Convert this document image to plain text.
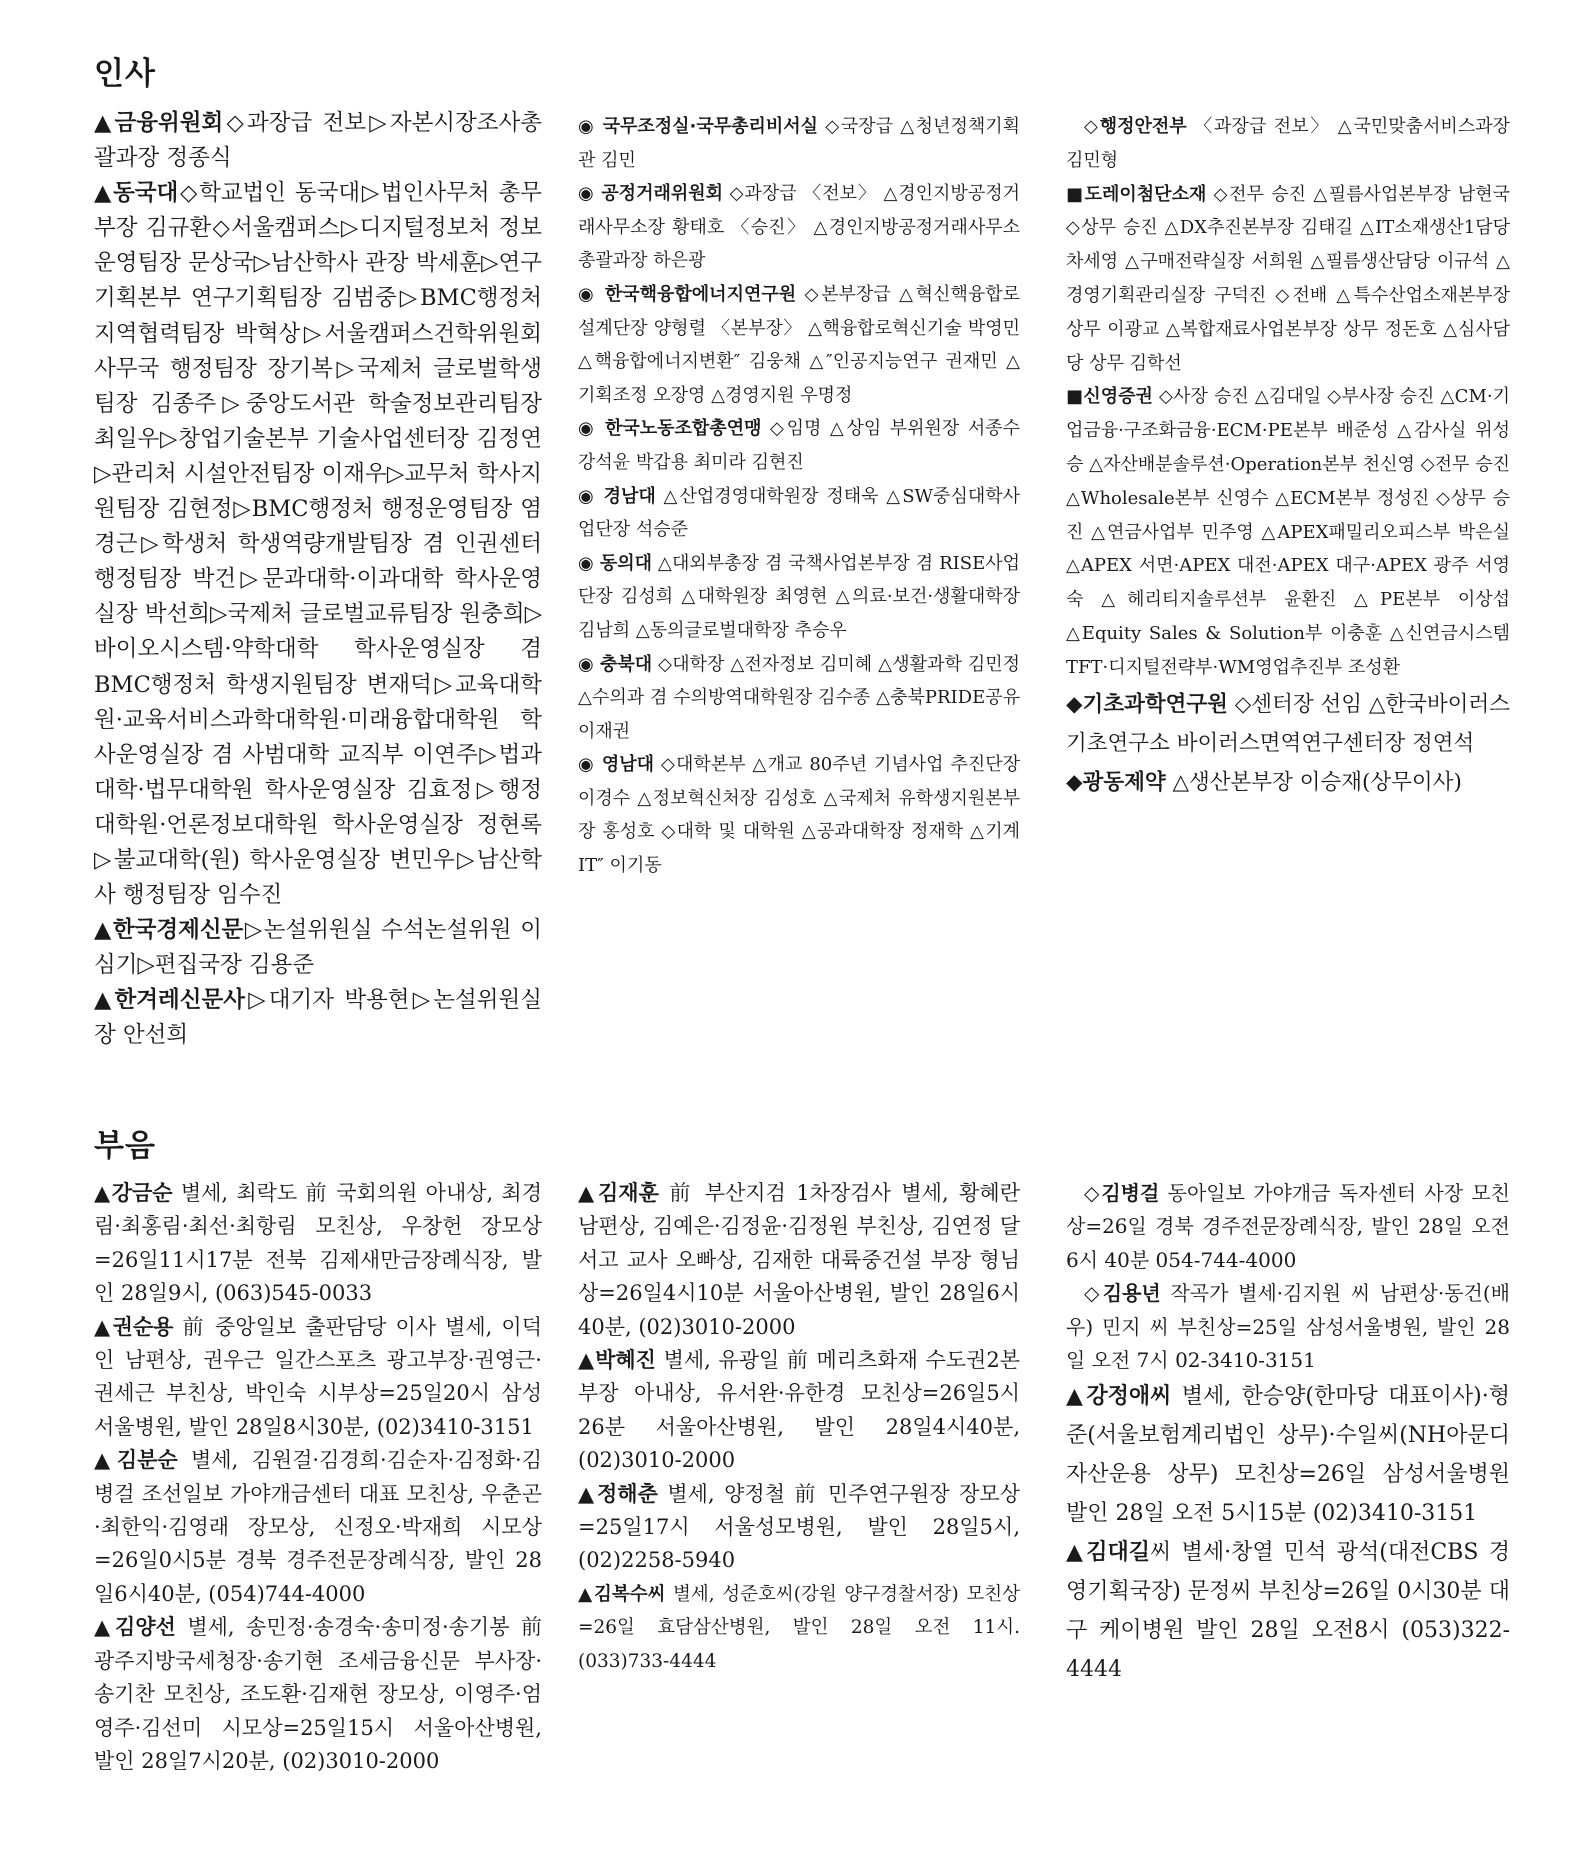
인사

▲금융위원회◇과장급 전보▷자본시장조사총괄과장 정종식

▲동국대◇학교법인 동국대▷법인사무처 총무부장 김규환◇서울캠퍼스▷디지털정보처 정보운영팀장 문상국▷남산학사 관장 박세훈▷연구기획본부 연구기획팀장 김범중▷BMC행정처 지역협력팀장 박혁상▷서울캠퍼스건학위원회 사무국 행정팀장 장기복▷국제처 글로벌학생팀장 김종주▷중앙도서관 학술정보관리팀장 최일우▷창업기술본부 기술사업센터장 김정연▷관리처 시설안전팀장 이재우▷교무처 학사지원팀장 김현정▷BMC행정처 행정운영팀장 염경근▷학생처 학생역량개발팀장 겸 인권센터 행정팀장 박건▷문과대학·이과대학 학사운영실장 박선희▷국제처 글로벌교류팀장 원충희▷바이오시스템·약학대학 학사운영실장 겸 BMC행정처 학생지원팀장 변재덕▷교육대학원·교육서비스과학대학원·미래융합대학원 학사운영실장 겸 사범대학 교직부 이연주▷법과대학·법무대학원 학사운영실장 김효정▷행정대학원·언론정보대학원 학사운영실장 정현록▷불교대학(원) 학사운영실장 변민우▷남산학사 행정팀장 임수진

▲한국경제신문▷논설위원실 수석논설위원 이심기▷편집국장 김용준

▲한겨레신문사▷대기자 박용현▷논설위원실장 안선희

◉ 국무조정실·국무총리비서실 ◇국장급 △청년정책기획관 김민

◉ 공정거래위원회 ◇과장급 〈전보〉 △경인지방공정거래사무소장 황태호 〈승진〉 △경인지방공정거래사무소 총괄과장 하은광

◉ 한국핵융합에너지연구원 ◇본부장급 △혁신핵융합로설계단장 양형렬 〈본부장〉 △핵융합로혁신기술 박영민 △핵융합에너지변환″ 김웅채 △″인공지능연구 권재민 △기획조정 오장영 △경영지원 우명정

◉ 한국노동조합총연맹 ◇임명 △상임 부위원장 서종수 강석윤 박갑용 최미라 김현진

◉ 경남대 △산업경영대학원장 정태욱 △SW중심대학사업단장 석승준

◉ 동의대 △대외부총장 겸 국책사업본부장 겸 RISE사업단장 김성희 △대학원장 최영현 △의료·보건·생활대학장 김남희 △동의글로벌대학장 추승우

◉ 충북대 ◇대학장 △전자정보 김미혜 △생활과학 김민정 △수의과 겸 수의방역대학원장 김수종 △충북PRIDE공유 이재권

◉ 영남대 ◇대학본부 △개교 80주년 기념사업 추진단장 이경수 △정보혁신처장 김성호 △국제처 유학생지원본부장 홍성호 ◇대학 및 대학원 △공과대학장 정재학 △기계IT″ 이기동

◇행정안전부 〈과장급 전보〉 △국민맞춤서비스과장 김민형

■도레이첨단소재 ◇전무 승진 △필름사업본부장 남현국 ◇상무 승진 △DX추진본부장 김태길 △IT소재생산1담당 차세영 △구매전략실장 서희원 △필름생산담당 이규석 △경영기획관리실장 구덕진 ◇전배 △특수산업소재본부장 상무 이광교 △복합재료사업본부장 상무 정돈호 △심사담당 상무 김학선

■신영증권 ◇사장 승진 △김대일 ◇부사장 승진 △CM·기업금융·구조화금융·ECM·PE본부 배준성 △감사실 위성승 △자산배분솔루션·Operation본부 천신영 ◇전무 승진 △Wholesale본부 신영수 △ECM본부 정성진 ◇상무 승진 △연금사업부 민주영 △APEX패밀리오피스부 박은실 △APEX 서면·APEX 대전·APEX 대구·APEX 광주 서영숙 △헤리티지솔루션부 윤환진 △PE본부 이상섭 △Equity Sales & Solution부 이충훈 △신연금시스템TFT·디지털전략부·WM영업추진부 조성환

◆기초과학연구원 ◇센터장 선임 △한국바이러스기초연구소 바이러스면역연구센터장 정연석

◆광동제약 △생산본부장 이승재(상무이사)

부음

▲강금순 별세, 최락도 前 국회의원 아내상, 최경림·최홍림·최선·최항림 모친상, 우창헌 장모상=26일11시17분 전북 김제새만금장례식장, 발인 28일9시, (063)545-0033

▲권순용 前 중앙일보 출판담당 이사 별세, 이덕인 남편상, 권우근 일간스포츠 광고부장·권영근·권세근 부친상, 박인숙 시부상=25일20시 삼성서울병원, 발인 28일8시30분, (02)3410-3151

▲김분순 별세, 김원걸·김경희·김순자·김정화·김병걸 조선일보 가야개금센터 대표 모친상, 우춘곤·최한익·김영래 장모상, 신정오·박재희 시모상=26일0시5분 경북 경주전문장례식장, 발인 28일6시40분, (054)744-4000

▲김양선 별세, 송민정·송경숙·송미정·송기봉 前 광주지방국세청장·송기현 조세금융신문 부사장·송기찬 모친상, 조도환·김재현 장모상, 이영주·엄영주·김선미 시모상=25일15시 서울아산병원, 발인 28일7시20분, (02)3010-2000

▲김재훈 前 부산지검 1차장검사 별세, 황혜란 남편상, 김예은·김정윤·김정원 부친상, 김연정 달서고 교사 오빠상, 김재한 대륙중건설 부장 형님상=26일4시10분 서울아산병원, 발인 28일6시40분, (02)3010-2000

▲박혜진 별세, 유광일 前 메리츠화재 수도권2본부장 아내상, 유서완·유한경 모친상=26일5시26분 서울아산병원, 발인 28일4시40분, (02)3010-2000

▲정해춘 별세, 양정철 前 민주연구원장 장모상=25일17시 서울성모병원, 발인 28일5시, (02)2258-5940

▲김복수씨 별세, 성준호씨(강원 양구경찰서장) 모친상=26일 효담삼산병원, 발인 28일 오전 11시. (033)733-4444

◇김병걸 동아일보 가야개금 독자센터 사장 모친상=26일 경북 경주전문장례식장, 발인 28일 오전 6시 40분 054-744-4000

◇김용년 작곡가 별세·김지원 씨 남편상·동건(배우) 민지 씨 부친상=25일 삼성서울병원, 발인 28일 오전 7시 02-3410-3151

▲강정애씨 별세, 한승양(한마당 대표이사)·형준(서울보험계리법인 상무)·수일씨(NH아문디자산운용 상무) 모친상=26일 삼성서울병원 발인 28일 오전 5시15분 (02)3410-3151

▲김대길씨 별세·창열 민석 광석(대전CBS 경영기획국장) 문정씨 부친상=26일 0시30분 대구 케이병원 발인 28일 오전8시 (053)322-4444
